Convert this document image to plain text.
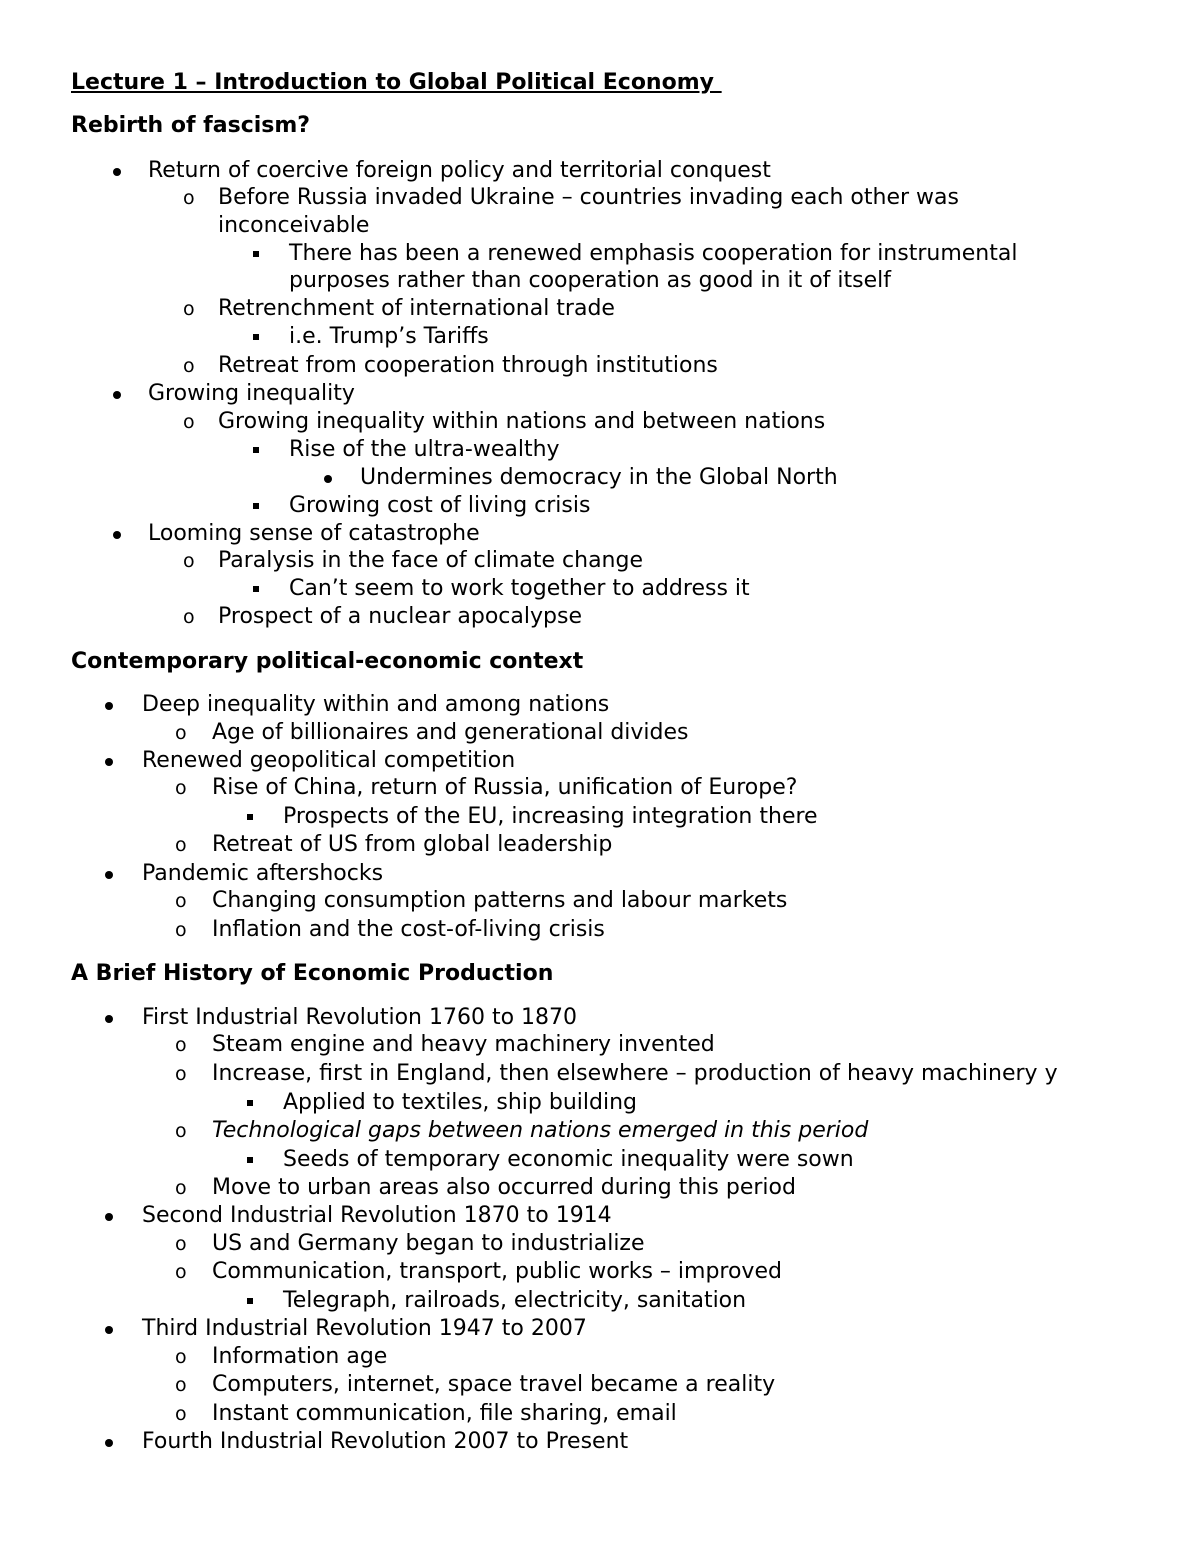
Lecture 1 – Introduction to Global Political Economy
Rebirth of fascism?
Return of coercive foreign policy and territorial conquest
o Before Russia invaded Ukraine – countries invading each other was
inconceivable
There has been a renewed emphasis cooperation for instrumental
purposes rather than cooperation as good in it of itself
o Retrenchment of international trade
i.e. Trump’s Tariffs
o Retreat from cooperation through institutions
Growing inequality
o Growing inequality within nations and between nations
Rise of the ultra-wealthy
Undermines democracy in the Global North
Growing cost of living crisis
Looming sense of catastrophe
o Paralysis in the face of climate change
Can’t seem to work together to address it
o Prospect of a nuclear apocalypse
Contemporary political-economic context
Deep inequality within and among nations
o Age of billionaires and generational divides
Renewed geopolitical competition
o Rise of China, return of Russia, unification of Europe?
Prospects of the EU, increasing integration there
o Retreat of US from global leadership
Pandemic aftershocks
o Changing consumption patterns and labour markets
o Inflation and the cost-of-living crisis
A Brief History of Economic Production
First Industrial Revolution 1760 to 1870
o Steam engine and heavy machinery invented
o Increase, first in England, then elsewhere – production of heavy machinery y
Applied to textiles, ship building
o Technological gaps between nations emerged in this period
Seeds of temporary economic inequality were sown
o Move to urban areas also occurred during this period
Second Industrial Revolution 1870 to 1914
o US and Germany began to industrialize
o Communication, transport, public works – improved
Telegraph, railroads, electricity, sanitation
Third Industrial Revolution 1947 to 2007
o Information age
o Computers, internet, space travel became a reality
o Instant communication, file sharing, email
Fourth Industrial Revolution 2007 to Present
